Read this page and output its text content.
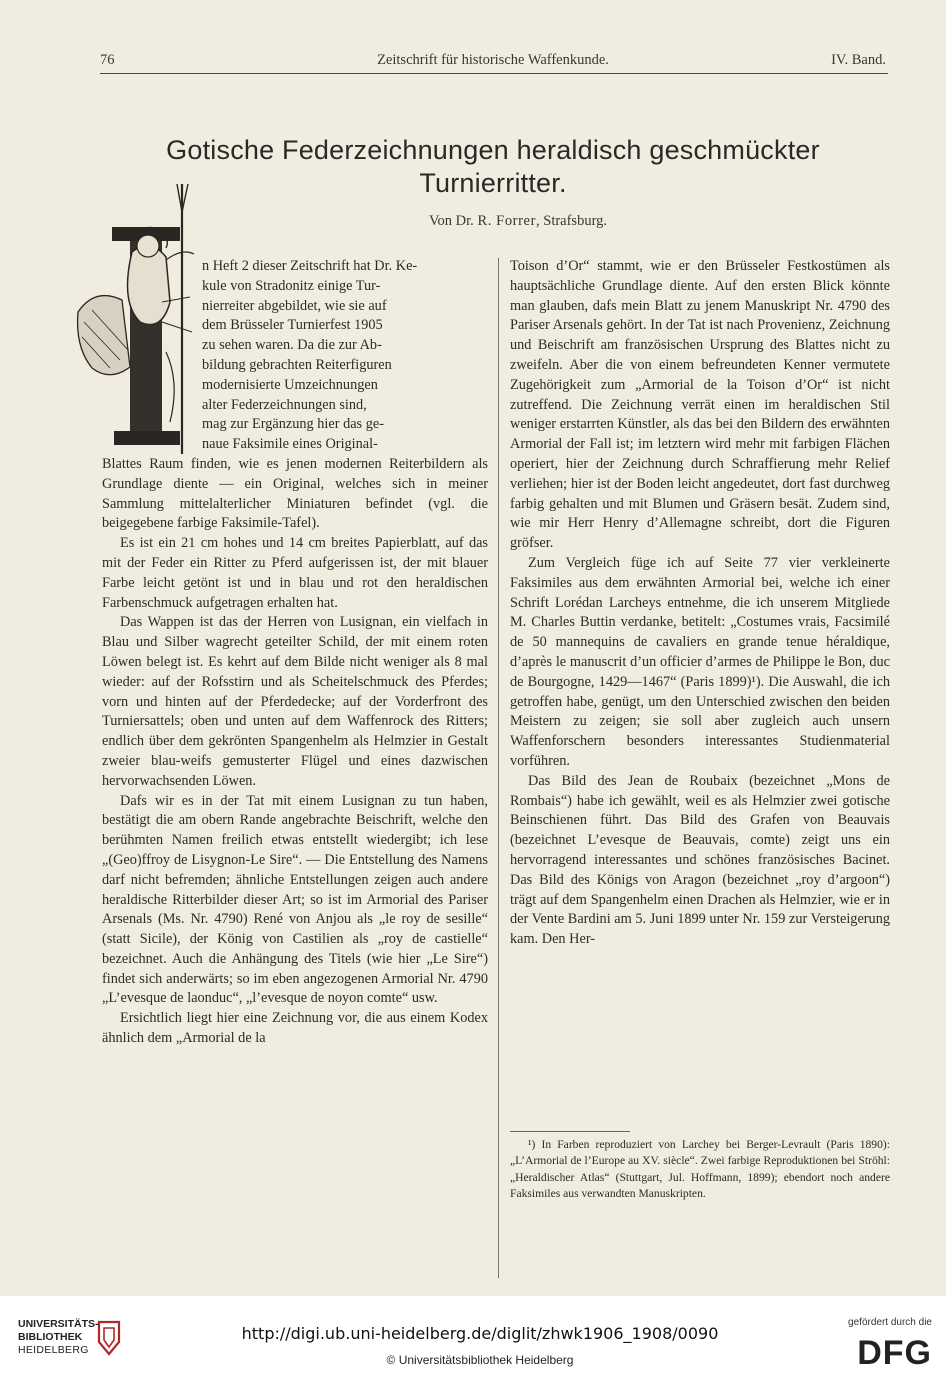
76	Zeitschrift für historische Waffenkunde.	IV. Band.
Gotische Federzeichnungen heraldisch geschmückter
Turnierritter.
Von Dr. R. Forrer, Strafsburg.

n Heft 2 dieser Zeitschrift hat Dr. Ke-
kule von Stradonitz einige Tur-
nierreiter abgebildet, wie sie auf
dem Brüsseler Turnierfest 1905
zu sehen waren. Da die zur Ab-
bildung gebrachten Reiterfiguren
modernisierte Umzeichnungen
alter Federzeichnungen sind,
mag zur Ergänzung hier das ge-
naue Faksimile eines Original-

Blattes Raum finden, wie es jenen modernen Reiterbildern als Grundlage diente — ein Original, welches sich in meiner Sammlung mittelalterlicher Miniaturen befindet (vgl. die beigegebene farbige Faksimile-Tafel).

Es ist ein 21 cm hohes und 14 cm breites Papierblatt, auf das mit der Feder ein Ritter zu Pferd aufgerissen ist, der mit blauer Farbe leicht getönt ist und in blau und rot den heraldischen Farbenschmuck aufgetragen erhalten hat.

Das Wappen ist das der Herren von Lusignan, ein vielfach in Blau und Silber wagrecht geteilter Schild, der mit einem roten Löwen belegt ist. Es kehrt auf dem Bilde nicht weniger als 8 mal wieder: auf der Rofsstirn und als Scheitelschmuck des Pferdes; vorn und hinten auf der Pferdedecke; auf der Vorderfront des Turniersattels; oben und unten auf dem Waffenrock des Ritters; endlich über dem gekrönten Spangenhelm als Helmzier in Gestalt zweier blau-weifs gemusterter Flügel und eines dazwischen hervorwachsenden Löwen.

Dafs wir es in der Tat mit einem Lusignan zu tun haben, bestätigt die am obern Rande angebrachte Beischrift, welche den berühmten Namen freilich etwas entstellt wiedergibt; ich lese „(Geo)ffroy de Lisygnon-Le Sire“. — Die Entstellung des Namens darf nicht befremden; ähnliche Entstellungen zeigen auch andere heraldische Ritterbilder dieser Art; so ist im Armorial des Pariser Arsenals (Ms. Nr. 4790) René von Anjou als „le roy de sesille“ (statt Sicile), der König von Castilien als „roy de castielle“ bezeichnet. Auch die Anhängung des Titels (wie hier „Le Sire“) findet sich anderwärts; so im eben angezogenen Armorial Nr. 4790 „L’evesque de laonduc“, „l’evesque de noyon comte“ usw.

Ersichtlich liegt hier eine Zeichnung vor, die aus einem Kodex ähnlich dem „Armorial de la

Toison d’Or“ stammt, wie er den Brüsseler Festkostümen als hauptsächliche Grundlage diente. Auf den ersten Blick könnte man glauben, dafs mein Blatt zu jenem Manuskript Nr. 4790 des Pariser Arsenals gehört. In der Tat ist nach Provenienz, Zeichnung und Beischrift am französischen Ursprung des Blattes nicht zu zweifeln. Aber die von einem befreundeten Kenner vermutete Zugehörigkeit zum „Armorial de la Toison d’Or“ ist nicht zutreffend. Die Zeichnung verrät einen im heraldischen Stil weniger erstarrten Künstler, als das bei den Bildern des erwähnten Armorial der Fall ist; im letztern wird mehr mit farbigen Flächen operiert, hier der Zeichnung durch Schraffierung mehr Relief verliehen; hier ist der Boden leicht angedeutet, dort fast durchweg farbig gehalten und mit Blumen und Gräsern besät. Zudem sind, wie mir Herr Henry d’Allemagne schreibt, dort die Figuren gröfser.

Zum Vergleich füge ich auf Seite 77 vier verkleinerte Faksimiles aus dem erwähnten Armorial bei, welche ich einer Schrift Lorédan Larcheys entnehme, die ich unserem Mitgliede M. Charles Buttin verdanke, betitelt: „Costumes vrais, Facsimilé de 50 mannequins de cavaliers en grande tenue héraldique, d’après le manuscrit d’un officier d’armes de Philippe le Bon, duc de Bourgogne, 1429—1467“ (Paris 1899)¹). Die Auswahl, die ich getroffen habe, genügt, um den Unterschied zwischen den beiden Meistern zu zeigen; sie soll aber zugleich auch unsern Waffenforschern besonders interessantes Studienmaterial vorführen.

Das Bild des Jean de Roubaix (bezeichnet „Mons de Rombais“) habe ich gewählt, weil es als Helmzier zwei gotische Beinschienen führt. Das Bild des Grafen von Beauvais (bezeichnet L’evesque de Beauvais, comte) zeigt uns ein hervorragend interessantes und schönes französisches Bacinet. Das Bild des Königs von Aragon (bezeichnet „roy d’argoon“) trägt auf dem Spangenhelm einen Drachen als Helmzier, wie er in der Vente Bardini am 5. Juni 1899 unter Nr. 159 zur Versteigerung kam. Den Her-

¹) In Farben reproduziert von Larchey bei Berger-Levrault (Paris 1890): „L’Armorial de l’Europe au XV. siècle“. Zwei farbige Reproduktionen bei Ströhl: „Heraldischer Atlas“ (Stuttgart, Jul. Hoffmann, 1899); ebendort noch andere Faksimiles aus verwandten Manuskripten.

UNIVERSITÄTS-
BIBLIOTHEK
HEIDELBERG
http://digi.ub.uni-heidelberg.de/diglit/zhwk1906_1908/0090
© Universitätsbibliothek Heidelberg
gefördert durch die
DFG
